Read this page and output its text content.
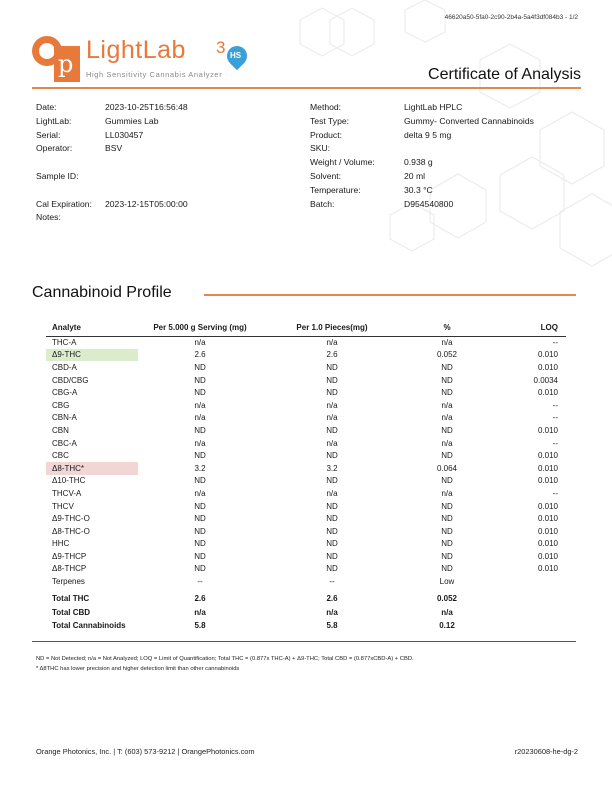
46620a50-5fa0-2c90-2b4a-5a4f3df084b3 - 1/2
p LightLab 3 HS
High Sensitivity Cannabis Analyzer	Certificate of Analysis
Date:	2023-10-25T16:56:48
LightLab:	Gummies Lab
Serial:	LL030457
Operator:	BSV
Sample ID:
Cal Expiration:	2023-12-15T05:00:00
Notes:
Method:	LightLab HPLC
Test Type:	Gummy- Converted Cannabinoids
Product:	delta 9 5 mg
SKU:
Weight / Volume:	0.938 g
Solvent:	20 ml
Temperature:	30.3 °C
Batch:	D954540800
Cannabinoid Profile
Analyte	Per 5.000 g Serving (mg)	Per 1.0 Pieces(mg)	%	LOQ
THC-A	n/a	n/a	n/a	--
Δ9-THC	2.6	2.6	0.052	0.010
CBD-A	ND	ND	ND	0.010
CBD/CBG	ND	ND	ND	0.0034
CBG-A	ND	ND	ND	0.010
CBG	n/a	n/a	n/a	--
CBN-A	n/a	n/a	n/a	--
CBN	ND	ND	ND	0.010
CBC-A	n/a	n/a	n/a	--
CBC	ND	ND	ND	0.010
Δ8-THC*	3.2	3.2	0.064	0.010
Δ10-THC	ND	ND	ND	0.010
THCV-A	n/a	n/a	n/a	--
THCV	ND	ND	ND	0.010
Δ9-THC-O	ND	ND	ND	0.010
Δ8-THC-O	ND	ND	ND	0.010
HHC	ND	ND	ND	0.010
Δ9-THCP	ND	ND	ND	0.010
Δ8-THCP	ND	ND	ND	0.010
Terpenes	--	--	Low	

Total THC	2.6	2.6	0.052	
Total CBD	n/a	n/a	n/a	
Total Cannabinoids	5.8	5.8	0.12	
ND = Not Detected; n/a = Not Analyzed; LOQ = Limit of Quantification; Total THC = (0.877x THC-A) + Δ9-THC; Total CBD = (0.877xCBD-A) + CBD.
* Δ8THC has lower precision and higher detection limit than other cannabinoids
Orange Photonics, Inc. | T: (603) 573-9212 | OrangePhotonics.com	r20230608-he-dg-2
